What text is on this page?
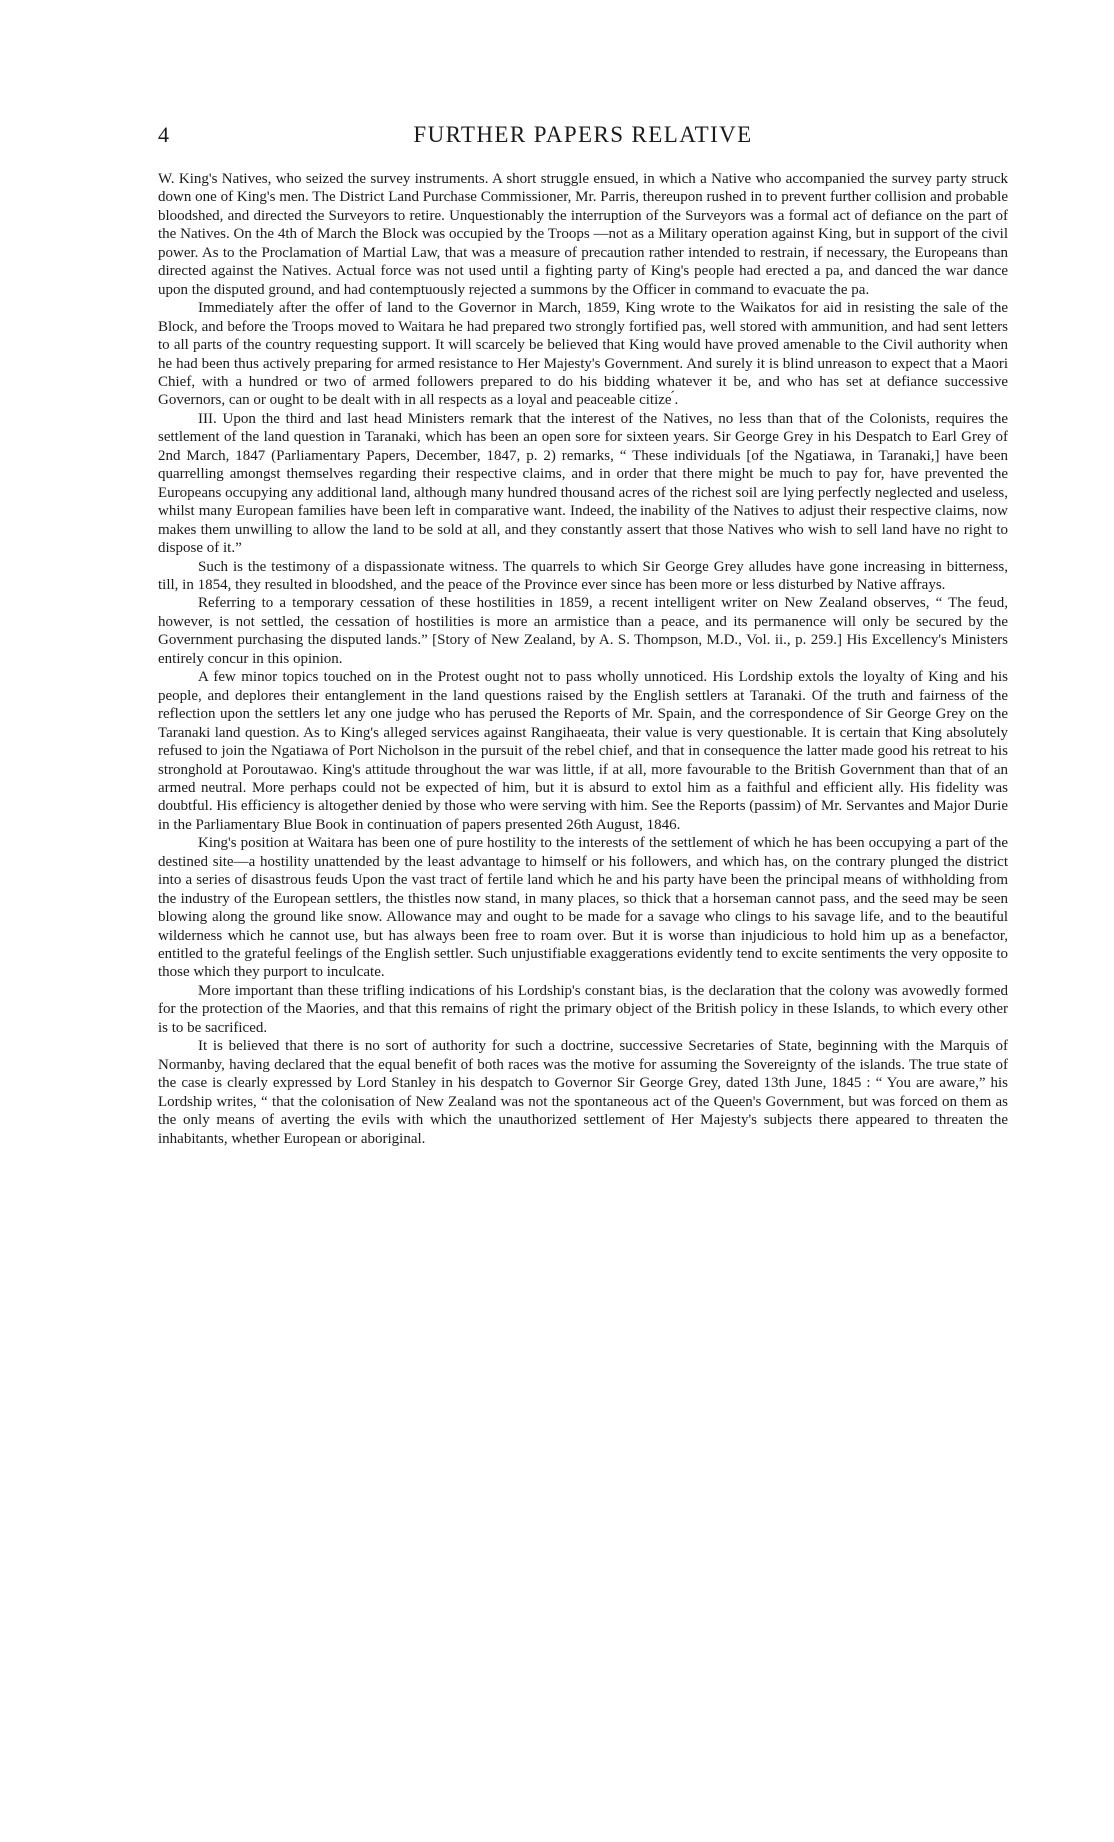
4	FURTHER PAPERS RELATIVE

W. King's Natives, who seized the survey instruments. A short struggle ensued, in which a Native who accompanied the survey party struck down one of King's men. The District Land Purchase Commissioner, Mr. Parris, thereupon rushed in to prevent further collision and probable bloodshed, and directed the Surveyors to retire. Unquestionably the interruption of the Surveyors was a formal act of defiance on the part of the Natives. On the 4th of March the Block was occupied by the Troops —not as a Military operation against King, but in support of the civil power. As to the Proclamation of Martial Law, that was a measure of precaution rather intended to restrain, if necessary, the Europeans than directed against the Natives. Actual force was not used until a fighting party of King's people had erected a pa, and danced the war dance upon the disputed ground, and had contemptuously rejected a summons by the Officer in command to evacuate the pa.

Immediately after the offer of land to the Governor in March, 1859, King wrote to the Waikatos for aid in resisting the sale of the Block, and before the Troops moved to Waitara he had prepared two strongly fortified pas, well stored with ammunition, and had sent letters to all parts of the country requesting support. It will scarcely be believed that King would have proved amenable to the Civil authority when he had been thus actively preparing for armed resistance to Her Majesty's Government. And surely it is blind unreason to expect that a Maori Chief, with a hundred or two of armed followers prepared to do his bidding whatever it be, and who has set at defiance successive Governors, can or ought to be dealt with in all respects as a loyal and peaceable citize ́.

III. Upon the third and last head Ministers remark that the interest of the Natives, no less than that of the Colonists, requires the settlement of the land question in Taranaki, which has been an open sore for sixteen years. Sir George Grey in his Despatch to Earl Grey of 2nd March, 1847 (Parliamentary Papers, December, 1847, p. 2) remarks, “ These individuals [of the Ngatiawa, in Taranaki,] have been quarrelling amongst themselves regarding their respective claims, and in order that there might be much to pay for, have prevented the Europeans occupying any additional land, although many hundred thousand acres of the richest soil are lying perfectly neglected and useless, whilst many European families have been left in comparative want. Indeed, the inability of the Natives to adjust their respective claims, now makes them unwilling to allow the land to be sold at all, and they constantly assert that those Natives who wish to sell land have no right to dispose of it.”

Such is the testimony of a dispassionate witness. The quarrels to which Sir George Grey alludes have gone increasing in bitterness, till, in 1854, they resulted in bloodshed, and the peace of the Province ever since has been more or less disturbed by Native affrays.

Referring to a temporary cessation of these hostilities in 1859, a recent intelligent writer on New Zealand observes, “ The feud, however, is not settled, the cessation of hostilities is more an armistice than a peace, and its permanence will only be secured by the Government purchasing the disputed lands.” [Story of New Zealand, by A. S. Thompson, M.D., Vol. ii., p. 259.] His Excellency's Ministers entirely concur in this opinion.

A few minor topics touched on in the Protest ought not to pass wholly unnoticed. His Lordship extols the loyalty of King and his people, and deplores their entanglement in the land questions raised by the English settlers at Taranaki. Of the truth and fairness of the reflection upon the settlers let any one judge who has perused the Reports of Mr. Spain, and the correspondence of Sir George Grey on the Taranaki land question. As to King's alleged services against Rangihaeata, their value is very questionable. It is certain that King absolutely refused to join the Ngatiawa of Port Nicholson in the pursuit of the rebel chief, and that in consequence the latter made good his retreat to his stronghold at Poroutawao. King's attitude throughout the war was little, if at all, more favourable to the British Government than that of an armed neutral. More perhaps could not be expected of him, but it is absurd to extol him as a faithful and efficient ally. His fidelity was doubtful. His efficiency is altogether denied by those who were serving with him. See the Reports (passim) of Mr. Servantes and Major Durie in the Parliamentary Blue Book in continuation of papers presented 26th August, 1846.

King's position at Waitara has been one of pure hostility to the interests of the settlement of which he has been occupying a part of the destined site—a hostility unattended by the least advantage to himself or his followers, and which has, on the contrary plunged the district into a series of disastrous feuds Upon the vast tract of fertile land which he and his party have been the principal means of withholding from the industry of the European settlers, the thistles now stand, in many places, so thick that a horseman cannot pass, and the seed may be seen blowing along the ground like snow. Allowance may and ought to be made for a savage who clings to his savage life, and to the beautiful wilderness which he cannot use, but has always been free to roam over. But it is worse than injudicious to hold him up as a benefactor, entitled to the grateful feelings of the English settler. Such unjustifiable exaggerations evidently tend to excite sentiments the very opposite to those which they purport to inculcate.

More important than these trifling indications of his Lordship's constant bias, is the declaration that the colony was avowedly formed for the protection of the Maories, and that this remains of right the primary object of the British policy in these Islands, to which every other is to be sacrificed.

It is believed that there is no sort of authority for such a doctrine, successive Secretaries of State, beginning with the Marquis of Normanby, having declared that the equal benefit of both races was the motive for assuming the Sovereignty of the islands. The true state of the case is clearly expressed by Lord Stanley in his despatch to Governor Sir George Grey, dated 13th June, 1845 : “ You are aware,” his Lordship writes, “ that the colonisation of New Zealand was not the spontaneous act of the Queen's Government, but was forced on them as the only means of averting the evils with which the unauthorized settlement of Her Majesty's subjects there appeared to threaten the inhabitants, whether European or aboriginal.
